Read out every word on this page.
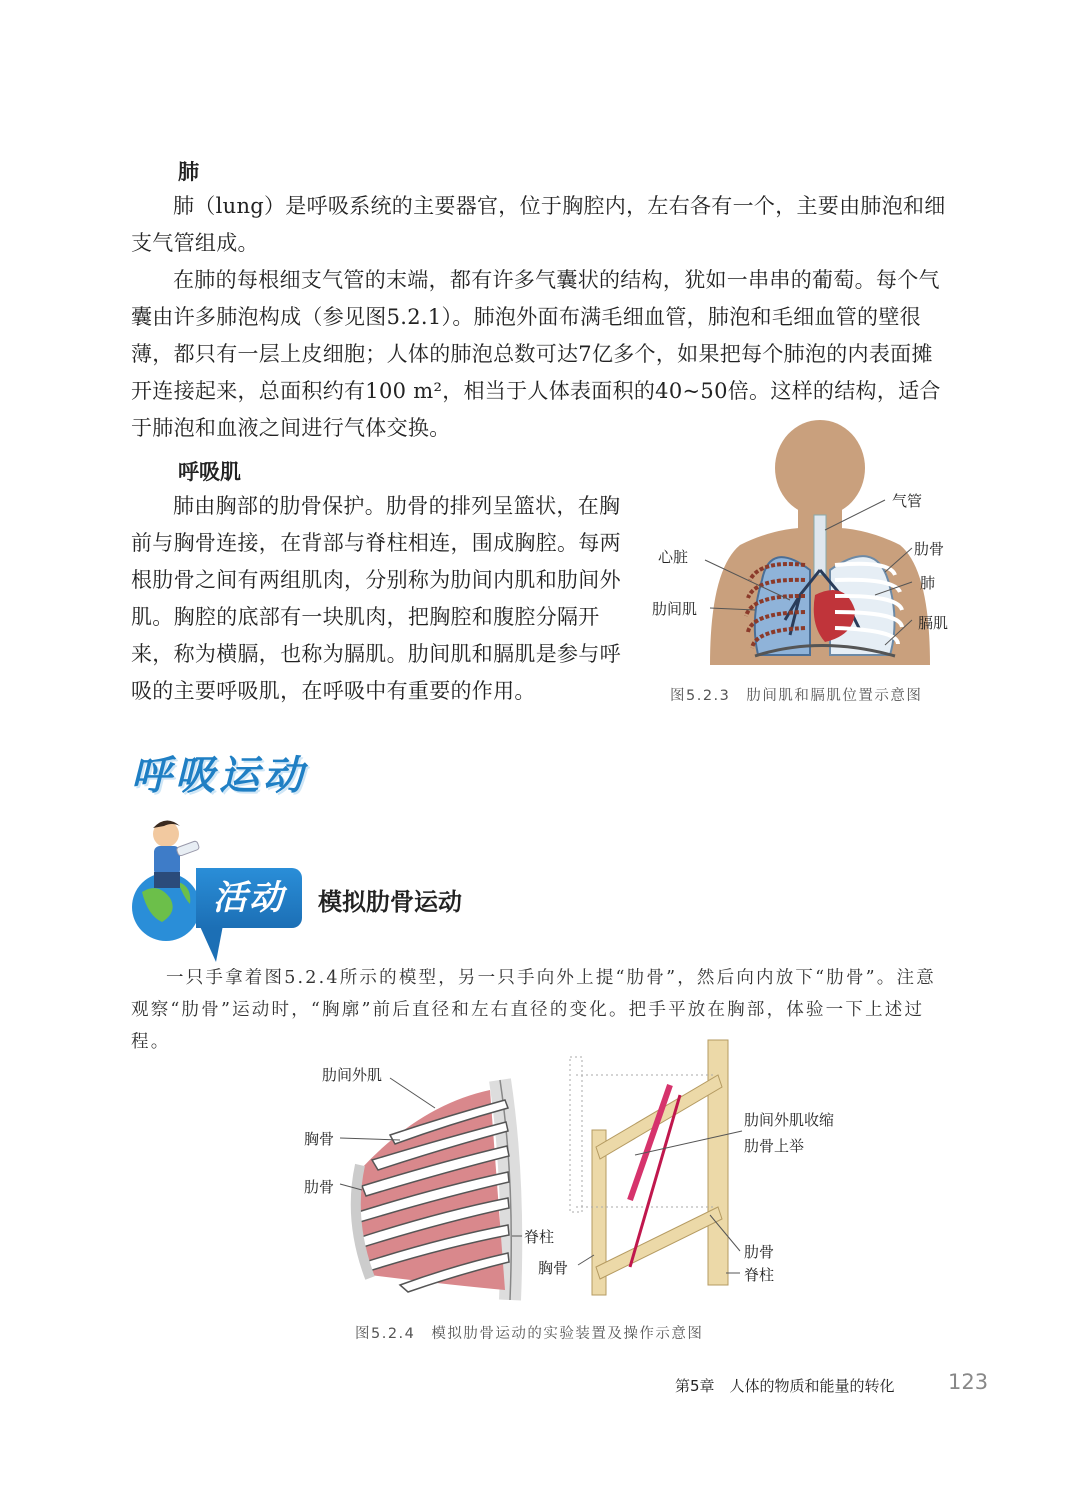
肺

肺（lung）是呼吸系统的主要器官，位于胸腔内，左右各有一个，主要由肺泡和细支气管组成。

在肺的每根细支气管的末端，都有许多气囊状的结构，犹如一串串的葡萄。每个气囊由许多肺泡构成（参见图5.2.1）。肺泡外面布满毛细血管，肺泡和毛细血管的壁很薄，都只有一层上皮细胞；人体的肺泡总数可达7亿多个，如果把每个肺泡的内表面摊开连接起来，总面积约有100 m²，相当于人体表面积的40~50倍。这样的结构，适合于肺泡和血液之间进行气体交换。

呼吸肌

肺由胸部的肋骨保护。肋骨的排列呈篮状，在胸前与胸骨连接，在背部与脊柱相连，围成胸腔。每两根肋骨之间有两组肌肉，分别称为肋间内肌和肋间外肌。胸腔的底部有一块肌肉，把胸腔和腹腔分隔开来，称为横膈，也称为膈肌。肋间肌和膈肌是参与呼吸的主要呼吸肌，在呼吸中有重要的作用。

气管
心脏
肋间肌
肋骨
肺
膈肌
图5.2.3　肋间肌和膈肌位置示意图
呼吸运动
活动	模拟肋骨运动

一只手拿着图5.2.4所示的模型，另一只手向外上提“肋骨”，然后向内放下“肋骨”。注意观察“肋骨”运动时，“胸廓”前后直径和左右直径的变化。把手平放在胸部，体验一下上述过程。

肋间外肌
胸骨
肋骨
脊柱
肋间外肌收缩
肋骨上举
肋骨
脊柱
胸骨
图5.2.4　模拟肋骨运动的实验装置及操作示意图
第5章　人体的物质和能量的转化	123
